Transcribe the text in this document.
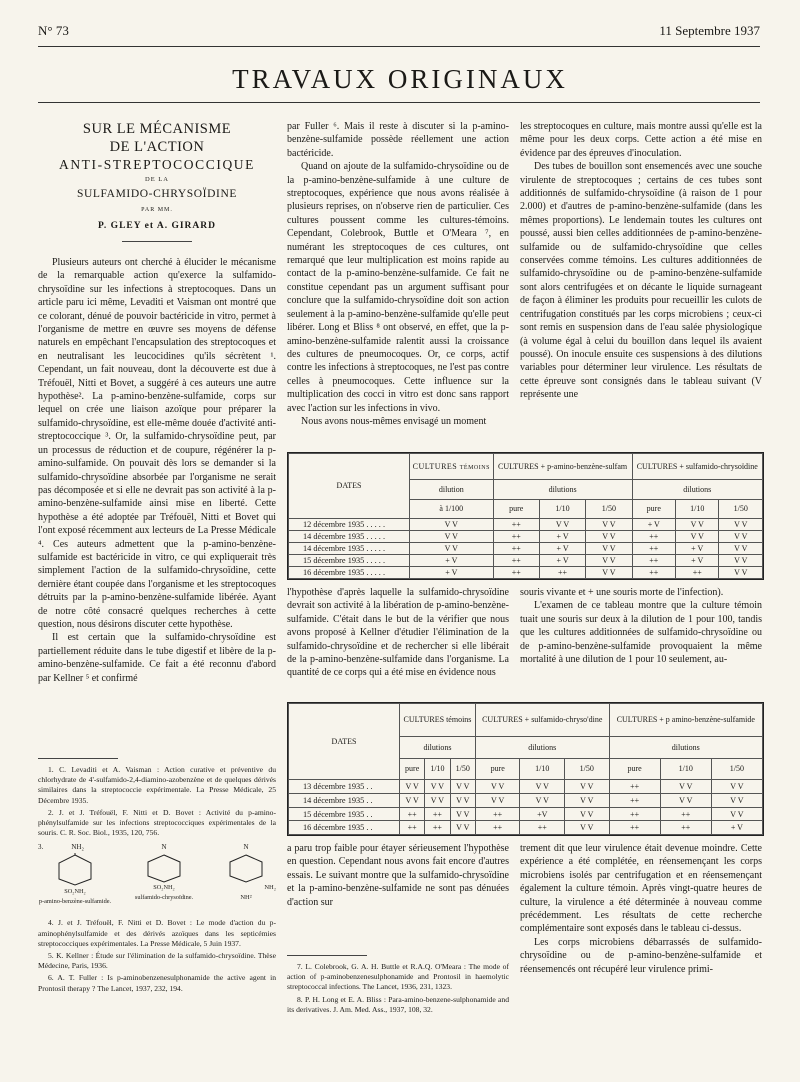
N° 73	11 Septembre 1937
TRAVAUX ORIGINAUX
SUR LE MÉCANISME
DE L'ACTION
ANTI-STREPTOCOCCIQUE
DE LA
SULFAMIDO-CHRYSOÏDINE
PAR MM.
P. GLEY et A. GIRARD

Plusieurs auteurs ont cherché à élucider le mécanisme de la remarquable action qu'exerce la sulfamido-chrysoïdine sur les infections à streptocoques. Dans un article paru ici même, Levaditi et Vaisman ont montré que ce colorant, dénué de pouvoir bactéricide in vitro, permet à l'organisme de mettre en œuvre ses moyens de défense naturels en empêchant l'encapsulation des streptocoques et en neutralisant les leucocidines qu'ils sécrètent ¹. Cependant, un fait nouveau, dont la découverte est due à Tréfouël, Nitti et Bovet, a suggéré à ces auteurs une autre hypothèse². La p-amino-benzène-sulfamide, corps sur lequel on crée une liaison azoïque pour préparer la sulfamido-chrysoïdine, est elle-même douée d'activité anti-streptococcique ³. Or, la sulfamido-chrysoïdine peut, par un processus de réduction et de coupure, régénérer la p-amino-sulfamide. On pouvait dès lors se demander si la sulfamido-chrysoïdine absorbée par l'organisme ne serait pas décomposée et si elle ne devrait pas son activité à la p-amino-benzène-sulfamide ainsi mise en liberté. Cette hypothèse a été adoptée par Tréfouël, Nitti et Bovet qui l'ont exposé récemment aux lecteurs de La Presse Médicale ⁴. Ces auteurs admettent que la p-amino-benzène-sulfamide est bactéricide in vitro, ce qui expliquerait très simplement l'action de la sulfamido-chrysoïdine, cette dernière étant coupée dans l'organisme et les streptocoques détruits par la p-amino-benzène-sulfamide libérée. Ayant de notre côté consacré quelques recherches à cette question, nous désirons discuter cette hypothèse.

Il est certain que la sulfamido-chrysoïdine est partiellement réduite dans le tube digestif et libère de la p-amino-benzène-sulfamide. Ce fait a été reconnu d'abord par Kellner ⁵ et confirmé

1. C. Levaditi et A. Vaisman : Action curative et préventive du chlorhydrate de 4'-sulfamido-2,4-diamino-azobenzène et de quelques dérivés similaires dans la streptococcie expérimentale. La Presse Médicale, 25 Décembre 1935.

2. J. et J. Tréfouël, F. Nitti et D. Bovet : Activité du p-amino-phénylsulfamide sur les infections streptococciques expérimentales de la souris. C. R. Soc. Biol., 1935, 120, 756.

3.	NH₂
SO₂NH₂
p-amino-benzène-sulfamide.
N
SO₂NH₂
sulfamido-chrysoïdine.
N
NH₂
NH²

4. J. et J. Tréfouël, F. Nitti et D. Bovet : Le mode d'action du p-aminophénylsulfamide et des dérivés azoïques dans les septicémies streptococciques expérimentales. La Presse Médicale, 5 Juin 1937.

5. K. Kellner : Étude sur l'élimination de la sulfamido-chrysoïdine. Thèse Médecine, Paris, 1936.

6. A. T. Fuller : Is p-aminobenzenesulphonamide the active agent in Prontosil therapy ? The Lancet, 1937, 232, 194.

par Fuller ⁶. Mais il reste à discuter si la p-amino-benzène-sulfamide possède réellement une action bactéricide.

Quand on ajoute de la sulfamido-chrysoïdine ou de la p-amino-benzène-sulfamide à une culture de streptocoques, expérience que nous avons réalisée à plusieurs reprises, on n'observe rien de particulier. Ces cultures poussent comme les cultures-témoins. Cependant, Colebrook, Buttle et O'Meara ⁷, en numérant les streptocoques de ces cultures, ont remarqué que leur multiplication est moins rapide au contact de la p-amino-benzène-sulfamide. Ce fait ne constitue cependant pas un argument suffisant pour conclure que la sulfamido-chrysoïdine doit son action seulement à la p-amino-benzène-sulfamide qu'elle peut libérer. Long et Bliss ⁸ ont observé, en effet, que la p-amino-benzène-sulfamide ralentit aussi la croissance des cultures de pneumocoques. Or, ce corps, actif contre les infections à streptocoques, ne l'est pas contre celles à pneumocoques. Cette influence sur la multiplication des cocci in vitro est donc sans rapport avec l'action sur les infections in vivo.

Nous avons nous-mêmes envisagé un moment

les streptocoques en culture, mais montre aussi qu'elle est la même pour les deux corps. Cette action a été mise en évidence par des épreuves d'inoculation.

Des tubes de bouillon sont ensemencés avec une souche virulente de streptocoques ; certains de ces tubes sont additionnés de sulfamido-chrysoïdine (à raison de 1 pour 2.000) et d'autres de p-amino-benzène-sulfamide (dans les mêmes proportions). Le lendemain toutes les cultures ont poussé, aussi bien celles additionnées de p-amino-benzène-sulfamide ou de sulfamido-chrysoïdine que celles conservées comme témoins. Les cultures additionnées de sulfamido-chrysoïdine ou de p-amino-benzène-sulfamide sont alors centrifugées et on décante le liquide surnageant de façon à éliminer les produits pour recueillir les culots de centrifugation constitués par les corps microbiens ; ceux-ci sont remis en suspension dans de l'eau salée physiologique (à volume égal à celui du bouillon dans lequel ils avaient poussé). On inocule ensuite ces suspensions à des dilutions variables pour déterminer leur virulence. Les résultats de cette épreuve sont consignés dans le tableau suivant (V représente une

DATES	CULTURES témoins	CULTURES + p-amino-benzène-sulfam			CULTURES + sulfamido-chrysoïdine		
	dilution	dilutions			dilutions		
	à 1/100	pure	1/10	1/50	pure	1/10	1/50
12 décembre 1935 . . . . .	V V	++	V V	V V	+ V	V V	V V
14 décembre 1935 . . . . .	V V	++	+ V	V V	++	V V	V V
14 décembre 1935 . . . . .	V V	++	+ V	V V	++	+ V	V V
15 décembre 1935 . . . . .	+ V	++	+ V	V V	++	+ V	V V
16 décembre 1935 . . . . .	+ V	++	++	V V	++	++	V V

l'hypothèse d'après laquelle la sulfamido-chrysoïdine devrait son activité à la libération de p-amino-benzène-sulfamide. C'était dans le but de la vérifier que nous avons proposé à Kellner d'étudier l'élimination de la sulfamido-chrysoïdine et de rechercher si elle libérait de la p-amino-benzène-sulfamide dans l'organisme. La quantité de ce corps qui a été mise en évidence nous

souris vivante et + une souris morte de l'infection).

L'examen de ce tableau montre que la culture témoin tuait une souris sur deux à la dilution de 1 pour 100, tandis que les cultures additionnées de sulfamido-chrysoïdine ou de p-amino-benzène-sulfamide provoquaient la même mortalité à une dilution de 1 pour 10 seulement, au-

DATES	CULTURES témoins			CULTURES + sulfamido-chryso'dine			CULTURES + p amino-benzène-sulfamide		
	dilutions			dilutions			dilutions		
	pure	1/10	1/50	pure	1/10	1/50	pure	1/10	1/50
13 décembre 1935 . .	V V	V V	V V	V V	V V	V V	++	V V	V V
14 décembre 1935 . .	V V	V V	V V	V V	V V	V V	++	V V	V V
15 décembre 1935 . .	++	++	V V	++	+V	V V	++	++	V V
16 décembre 1935 . .	++	++	V V	++	++	V V	++	++	+ V

a paru trop faible pour étayer sérieusement l'hypothèse en question. Cependant nous avons fait encore d'autres essais. Le suivant montre que la sulfamido-chrysoïdine et la p-amino-benzène-sulfamide ne sont pas dénuées d'action sur

7. L. Colebrook, G. A. H. Buttle et R.A.Q. O'Meara : The mode of action of p-aminobenzenesulphonamide and Prontosil in haemolytic streptococcal infections. The Lancet, 1936, 231, 1323.

8. P. H. Long et E. A. Bliss : Para-amino-benzene-sulphonamide and its derivatives. J. Am. Med. Ass., 1937, 108, 32.

trement dit que leur virulence était devenue moindre. Cette expérience a été complétée, en réensemençant les corps microbiens isolés par centrifugation et en réensemençant également la culture témoin. Après vingt-quatre heures de culture, la virulence a été déterminée à nouveau comme précédemment. Les résultats de cette recherche complémentaire sont exposés dans le tableau ci-dessus.

Les corps microbiens débarrassés de sulfamido-chrysoïdine ou de p-amino-benzène-sulfamide et réensemencés ont récupéré leur virulence primi-
